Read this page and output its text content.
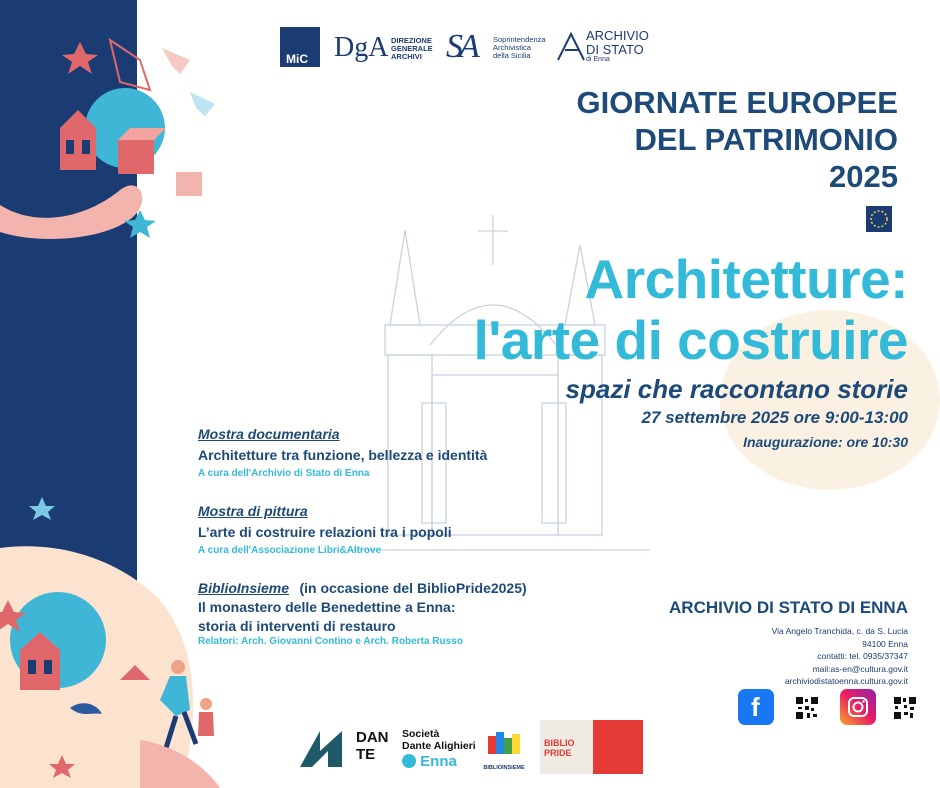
MiC DgA DIREZIONE
GENERALE
ARCHIVI SA Soprintendenza
Archivistica
della Sicilia
ARCHIVIO
DI STATO
di Enna
GIORNATE EUROPEE
DEL PATRIMONIO
2025
Architetture:
l'arte di costruire
spazi che raccontano storie
27 settembre 2025 ore 9:00-13:00
Inaugurazione: ore 10:30
Mostra documentaria
Architetture tra funzione, bellezza e identità
A cura dell'Archivio di Stato di Enna
Mostra di pittura
L’arte di costruire relazioni tra i popoli
A cura dell'Associazione Libri&Altrove
BiblioInsieme (in occasione del BiblioPride2025)
Il monastero delle Benedettine a Enna:
storia di interventi di restauro
Relatori: Arch. Giovanni Contino e Arch. Roberta Russo
ARCHIVIO DI STATO DI ENNA
Via Angelo Tranchida, c. da S. Lucia
94100 Enna
contatti: tel. 0935/37347
mail:as-en@cultura.gov.it
archiviodistatoenna.cultura.gov.it
f
DAN
TE
Società
Dante Alighieri
Enna	BIBLIOINSIEME
BIBLIO PRIDE
